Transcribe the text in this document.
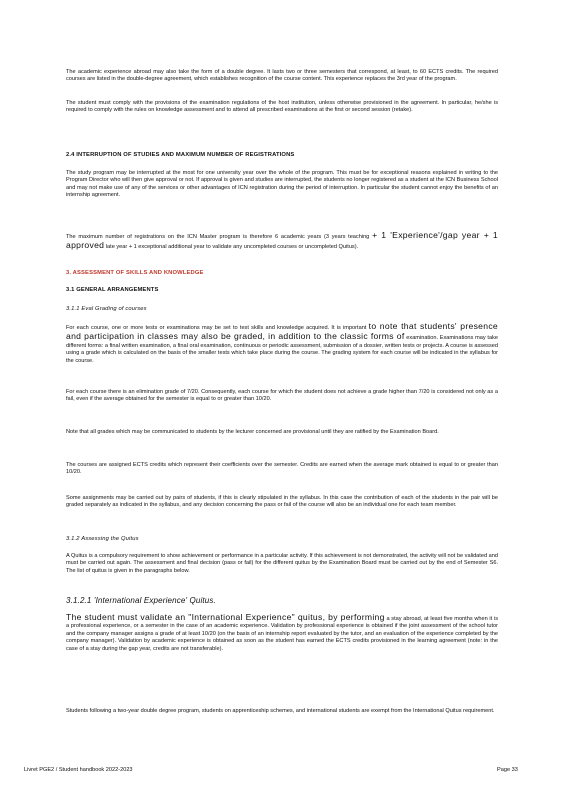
The academic experience abroad may also take the form of a double degree. It lasts two or three semesters that correspond, at least, to 60 ECTS credits. The required courses are listed in the double-degree agreement, which establishes recognition of the course content. This experience replaces the 3rd year of the program.

The student must comply with the provisions of the examination regulations of the host institution, unless otherwise provisioned in the agreement. In particular, he/she is required to comply with the rules on knowledge assessment and to attend all prescribed examinations at the first or second session (retake).

2.4 INTERRUPTION OF STUDIES AND MAXIMUM NUMBER OF REGISTRATIONS

The study program may be interrupted at the most for one university year over the whole of the program. This must be for exceptional reasons explained in writing to the Program Director who will then give approval or not. If approval is given and studies are interrupted, the students no longer registered as a student at the ICN Business School and may not make use of any of the services or other advantages of ICN registration during the period of interruption. In particular the student cannot enjoy the benefits of an internship agreement.

The maximum number of registrations on the ICN Master program is therefore 6 academic years (3 years teaching + 1 'Experience'/gap year + 1 approved late year + 1 exceptional additional year to validate any uncompleted courses or uncompleted Quitus).

3. ASSESSMENT OF SKILLS AND KNOWLEDGE
3.1 GENERAL ARRANGEMENTS
3.1.1 Eval Grading of courses

For each course, one or more tests or examinations may be set to test skills and knowledge acquired. It is important to note that students' presence and participation in classes may also be graded, in addition to the classic forms of examination. Examinations may take different forms: a final written examination, a final oral examination, continuous or periodic assessment, submission of a dossier, written tests or projects. A course is assessed using a grade which is calculated on the basis of the smaller tests which take place during the course. The grading system for each course will be indicated in the syllabus for the course.

For each course there is an elimination grade of 7/20. Consequently, each course for which the student does not achieve a grade higher than 7/20 is considered not only as a fail, even if the average obtained for the semester is equal to or greater than 10/20.

Note that all grades which may be communicated to students by the lecturer concerned are provisional until they are ratified by the Examination Board.

The courses are assigned ECTS credits which represent their coefficients over the semester. Credits are earned when the average mark obtained is equal to or greater than 10/20.

Some assignments may be carried out by pairs of students, if this is clearly stipulated in the syllabus. In this case the contribution of each of the students in the pair will be graded separately as indicated in the syllabus, and any decision concerning the pass or fail of the course will also be an individual one for each team member.

3.1.2 Assessing the Quitus

A Quitus is a compulsory requirement to show achievement or performance in a particular activity. If this achievement is not demonstrated, the activity will not be validated and must be carried out again. The assessment and final decision (pass or fail) for the different quitus by the Examination Board must be carried out by the end of Semester S6. The list of quitus is given in the paragraphs below.

3.1.2.1 'International Experience' Quitus.

The student must validate an "International Experience" quitus, by performing a stay abroad, at least five months when it is a professional experience, or a semester in the case of an academic experience. Validation by professional experience is obtained if the joint assessment of the school tutor and the company manager assigns a grade of at least 10/20 (on the basis of an internship report evaluated by the tutor, and an evaluation of the experience completed by the company manager). Validation by academic experience is obtained as soon as the student has earned the ECTS credits provisioned in the learning agreement (note: in the case of a stay during the gap year, credits are not transferable).

Students following a two-year double degree program, students on apprenticeship schemes, and international students are exempt from the International Quitus requirement.

Livret PGE2 / Student handbook 2022-2023	Page 33
